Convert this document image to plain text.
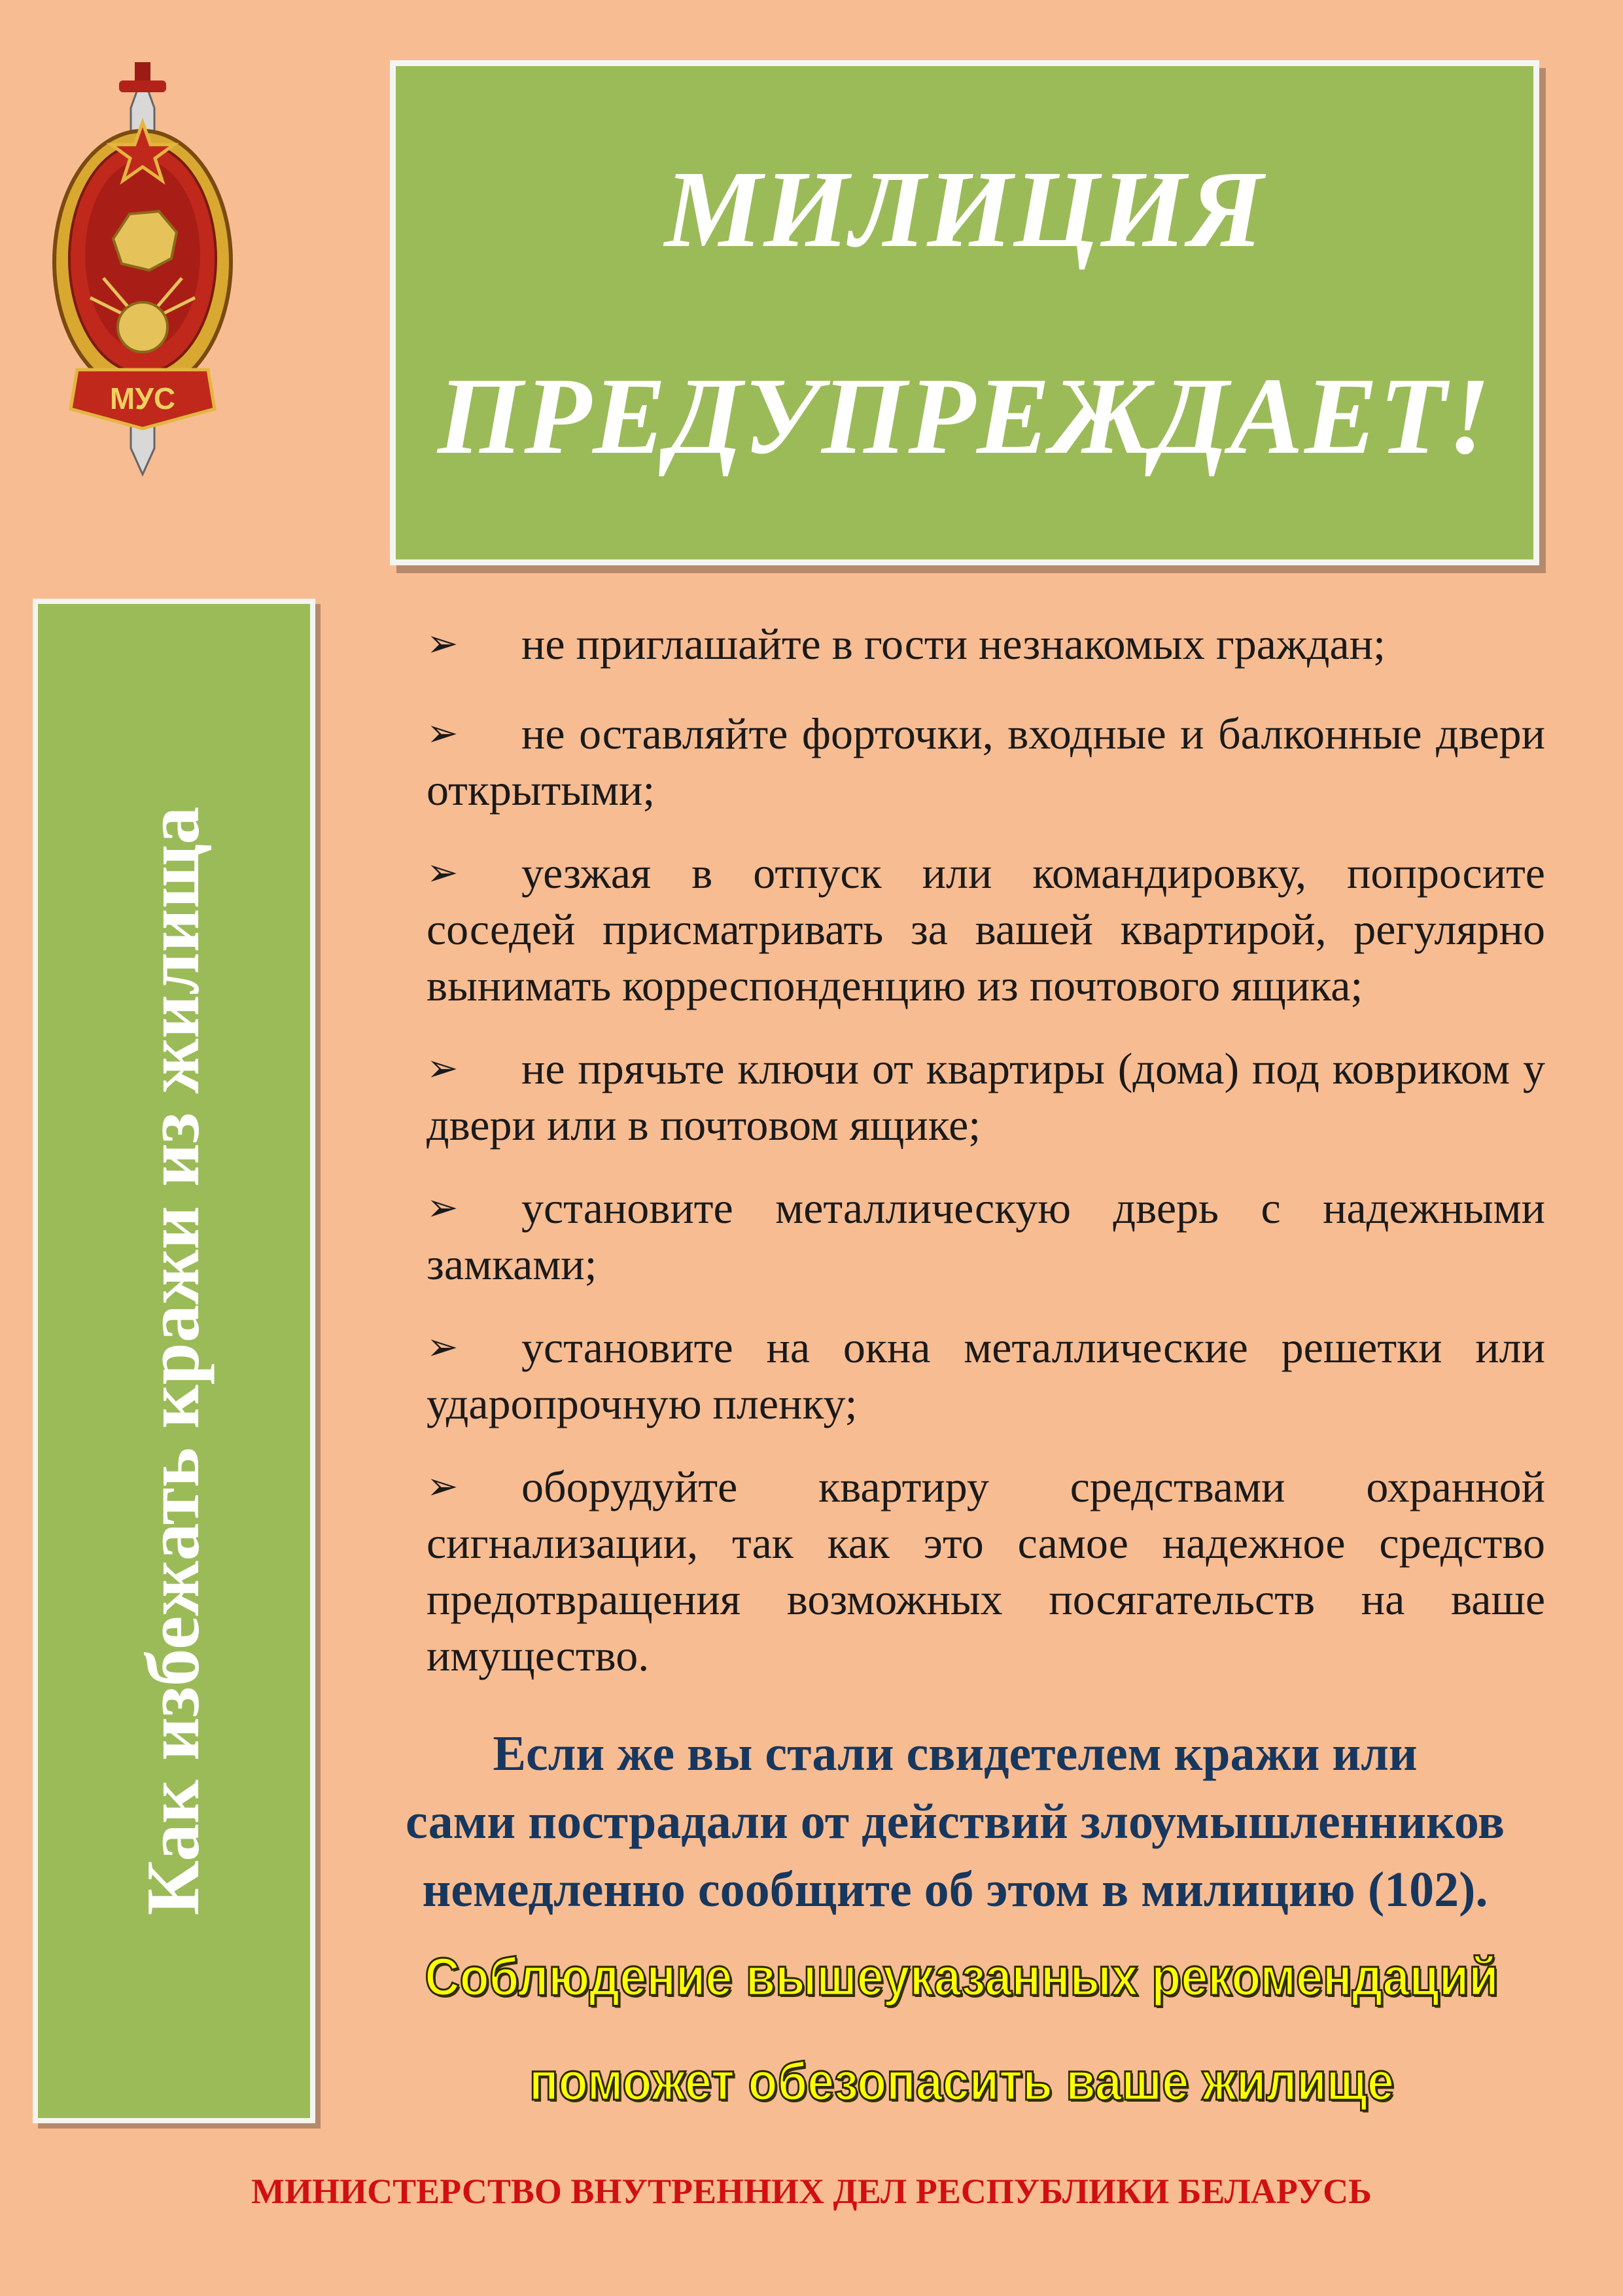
МУС
МИЛИЦИЯ
ПРЕДУПРЕЖДАЕТ!
Как избежать кражи из жилища
➢ не приглашайте в гости незнакомых граждан;
➢ не оставляйте форточки, входные и балконные двери открытыми;
➢ уезжая в отпуск или командировку, попросите соседей присматривать за вашей квартирой, регулярно вынимать корреспонденцию из почтового ящика;
➢ не прячьте ключи от квартиры (дома) под ковриком у двери или в почтовом ящике;
➢ установите металлическую дверь с надежными замками;
➢ установите на окна металлические решетки или ударопрочную пленку;
➢ оборудуйте квартиру средствами охранной сигнализации, так как это самое надежное средство предотвращения возможных посягательств на ваше имущество.
Если же вы стали свидетелем кражи или
сами пострадали от действий злоумышленников
немедленно сообщите об этом в милицию (102).
Соблюдение вышеуказанных рекомендаций
поможет обезопасить ваше жилище
МИНИСТЕРСТВО ВНУТРЕННИХ ДЕЛ РЕСПУБЛИКИ БЕЛАРУСЬ
